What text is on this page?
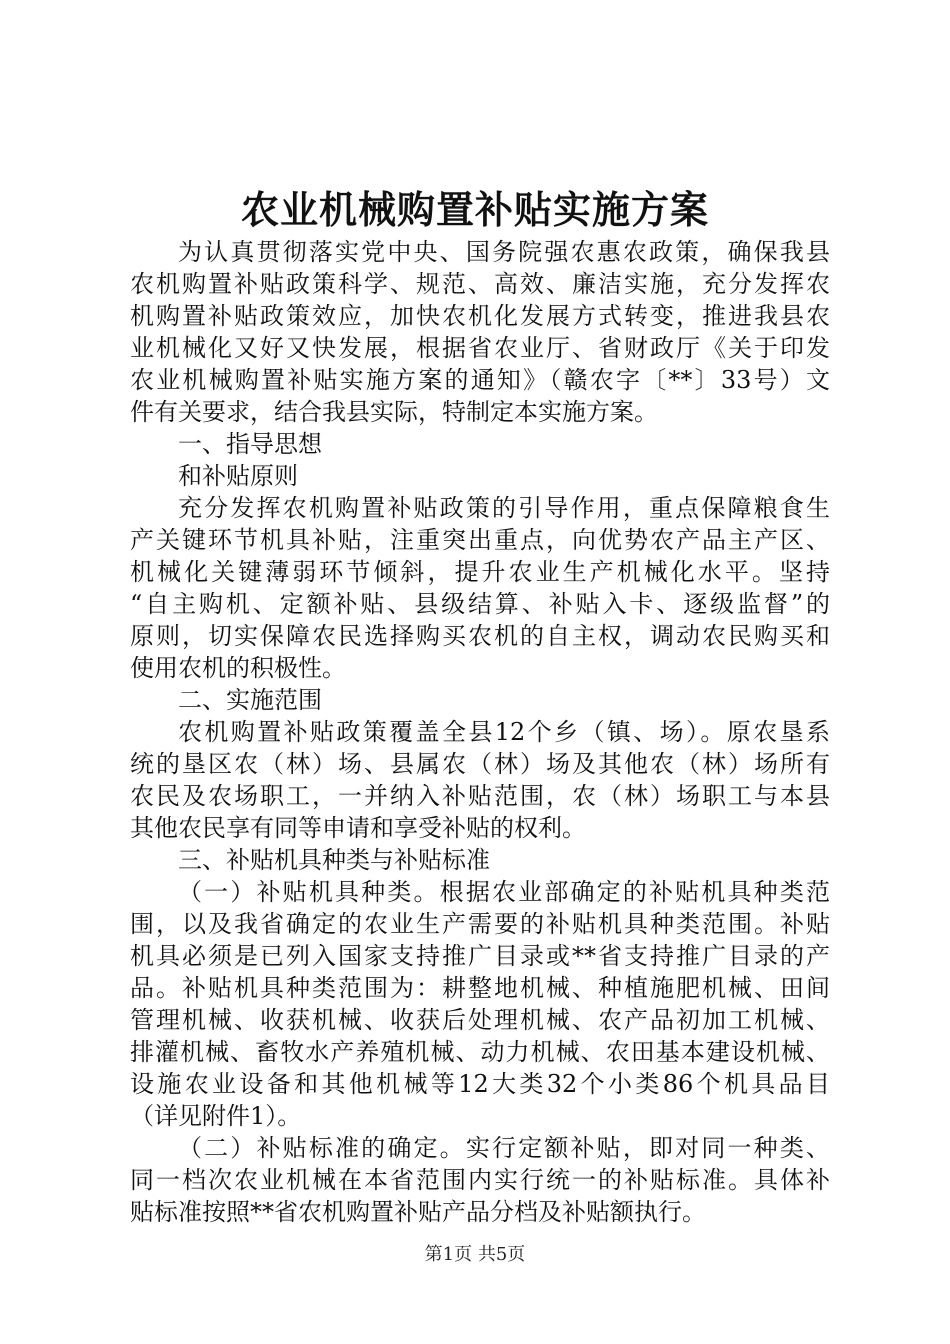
农业机械购置补贴实施方案
为认真贯彻落实党中央、国务院强农惠农政策，确保我县
农机购置补贴政策科学、规范、高效、廉洁实施，充分发挥农
机购置补贴政策效应，加快农机化发展方式转变，推进我县农
业机械化又好又快发展，根据省农业厅、省财政厅《关于印发
农业机械购置补贴实施方案的通知》（赣农字〔**〕33号）文
件有关要求，结合我县实际，特制定本实施方案。
一、指导思想
和补贴原则
充分发挥农机购置补贴政策的引导作用，重点保障粮食生
产关键环节机具补贴，注重突出重点，向优势农产品主产区、
机械化关键薄弱环节倾斜，提升农业生产机械化水平。坚持
“自主购机、定额补贴、县级结算、补贴入卡、逐级监督”的
原则，切实保障农民选择购买农机的自主权，调动农民购买和
使用农机的积极性。
二、实施范围
农机购置补贴政策覆盖全县12个乡（镇、场）。原农垦系
统的垦区农（林）场、县属农（林）场及其他农（林）场所有
农民及农场职工，一并纳入补贴范围，农（林）场职工与本县
其他农民享有同等申请和享受补贴的权利。
三、补贴机具种类与补贴标准
（一）补贴机具种类。根据农业部确定的补贴机具种类范
围，以及我省确定的农业生产需要的补贴机具种类范围。补贴
机具必须是已列入国家支持推广目录或**省支持推广目录的产
品。补贴机具种类范围为：耕整地机械、种植施肥机械、田间
管理机械、收获机械、收获后处理机械、农产品初加工机械、
排灌机械、畜牧水产养殖机械、动力机械、农田基本建设机械、
设施农业设备和其他机械等12大类32个小类86个机具品目
（详见附件1）。
（二）补贴标准的确定。实行定额补贴，即对同一种类、
同一档次农业机械在本省范围内实行统一的补贴标准。具体补
贴标准按照**省农机购置补贴产品分档及补贴额执行。
第1页 共5页
